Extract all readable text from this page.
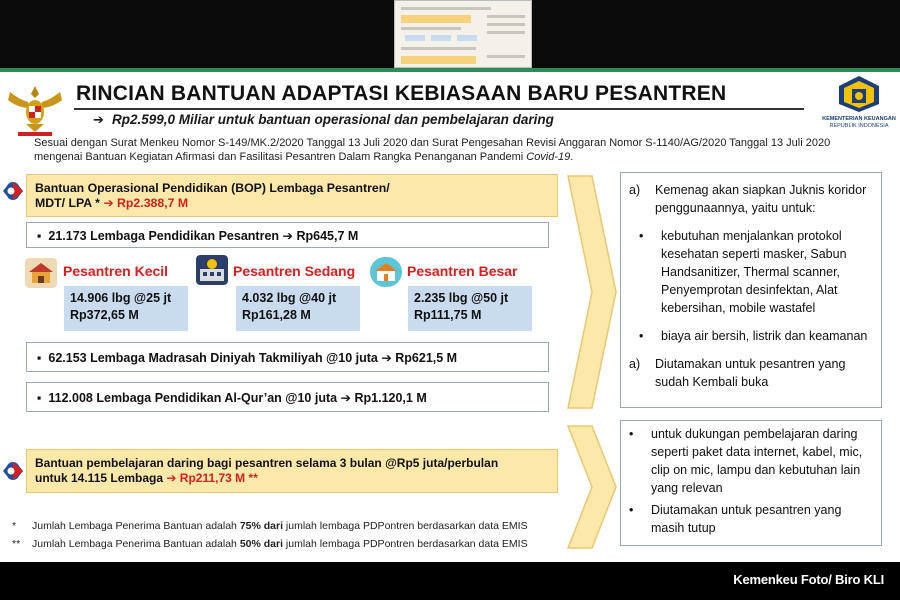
RINCIAN BANTUAN ADAPTASI KEBIASAAN BARU PESANTREN
➔ Rp2.599,0 Miliar untuk bantuan operasional dan pembelajaran daring	KEMENTERIAN KEUANGAN
REPUBLIK INDONESIA

Sesuai dengan Surat Menkeu Nomor S-149/MK.2/2020 Tanggal 13 Juli 2020 dan Surat Pengesahan Revisi Anggaran Nomor S-1140/AG/2020 Tanggal 13 Juli 2020 mengenai Bantuan Kegiatan Afirmasi dan Fasilitasi Pesantren Dalam Rangka Penanganan Pandemi Covid-19.

Bantuan Operasional Pendidikan (BOP) Lembaga Pesantren/
MDT/ LPA * ➔ Rp2.388,7 M
▪ 21.173 Lembaga Pendidikan Pesantren ➔ Rp645,7 M
Pesantren Kecil
14.906 lbg @25 jt
Rp372,65 M
Pesantren Sedang
4.032 lbg @40 jt
Rp161,28 M
Pesantren Besar
2.235 lbg @50 jt
Rp111,75 M
▪ 62.153 Lembaga Madrasah Diniyah Takmiliyah @10 juta ➔ Rp621,5 M
▪ 112.008 Lembaga Pendidikan Al-Qur’an @10 juta ➔ Rp1.120,1 M
Bantuan pembelajaran daring bagi pesantren selama 3 bulan @Rp5 juta/perbulan
untuk 14.115 Lembaga ➔ Rp211,73 M **
a) Kemenag akan siapkan Juknis koridor penggunaannya, yaitu untuk:
• kebutuhan menjalankan protokol kesehatan seperti masker, Sabun Handsanitizer, Thermal scanner, Penyemprotan desinfektan, Alat kebersihan, mobile wastafel
• biaya air bersih, listrik dan keamanan
a) Diutamakan untuk pesantren yang sudah Kembali buka
• untuk dukungan pembelajaran daring seperti paket data internet, kabel, mic, clip on mic, lampu dan kebutuhan lain yang relevan
• Diutamakan untuk pesantren yang masih tutup
* Jumlah Lembaga Penerima Bantuan adalah 75% dari jumlah lembaga PDPontren berdasarkan data EMIS
** Jumlah Lembaga Penerima Bantuan adalah 50% dari jumlah lembaga PDPontren berdasarkan data EMIS
Kemenkeu Foto/ Biro KLI
